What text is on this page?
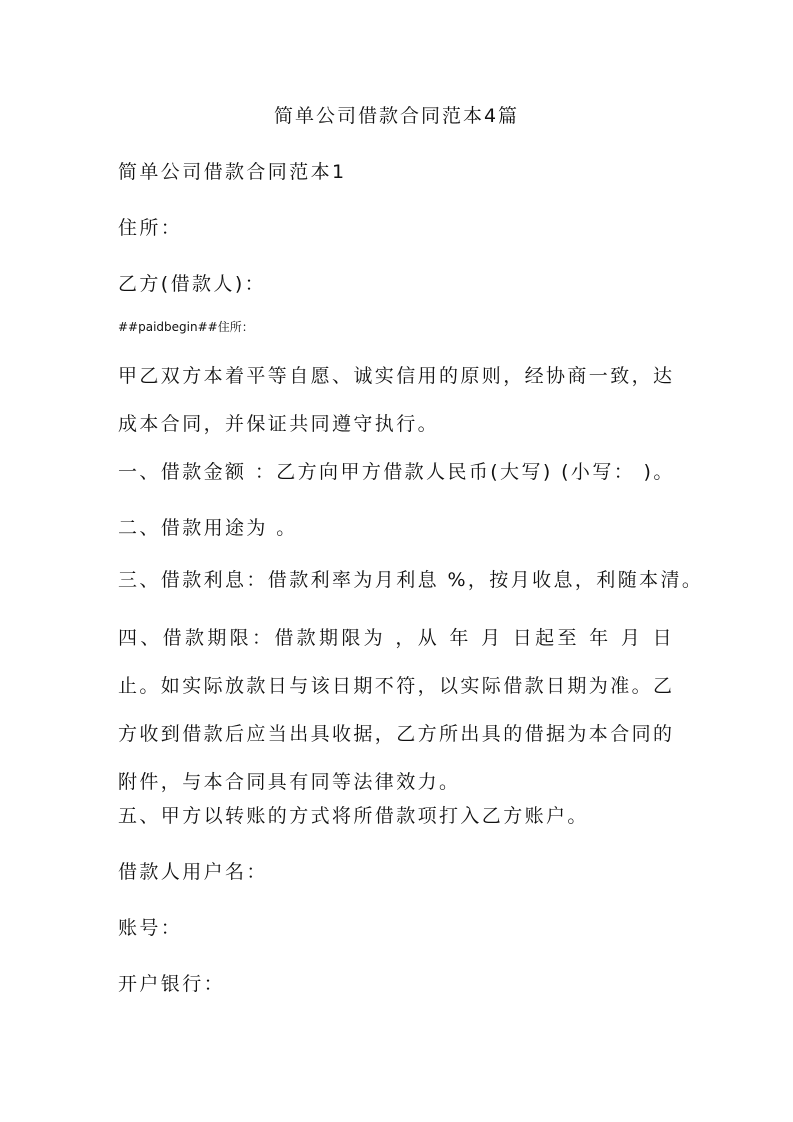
简单公司借款合同范本4篇

简单公司借款合同范本1

住所：

乙方(借款人)：

##paidbegin##住所：

甲乙双方本着平等自愿、诚实信用的原则，经协商一致，达
成本合同，并保证共同遵守执行。

一、借款金额 ：乙方向甲方借款人民币(大写) (小写： )。

二、借款用途为 。

三、借款利息：借款利率为月利息 %，按月收息，利随本清。

四、借款期限：借款期限为 ，从 年 月 日起至 年 月 日
止。如实际放款日与该日期不符，以实际借款日期为准。乙
方收到借款后应当出具收据，乙方所出具的借据为本合同的
附件，与本合同具有同等法律效力。

五、甲方以转账的方式将所借款项打入乙方账户。

借款人用户名：

账号：

开户银行：
